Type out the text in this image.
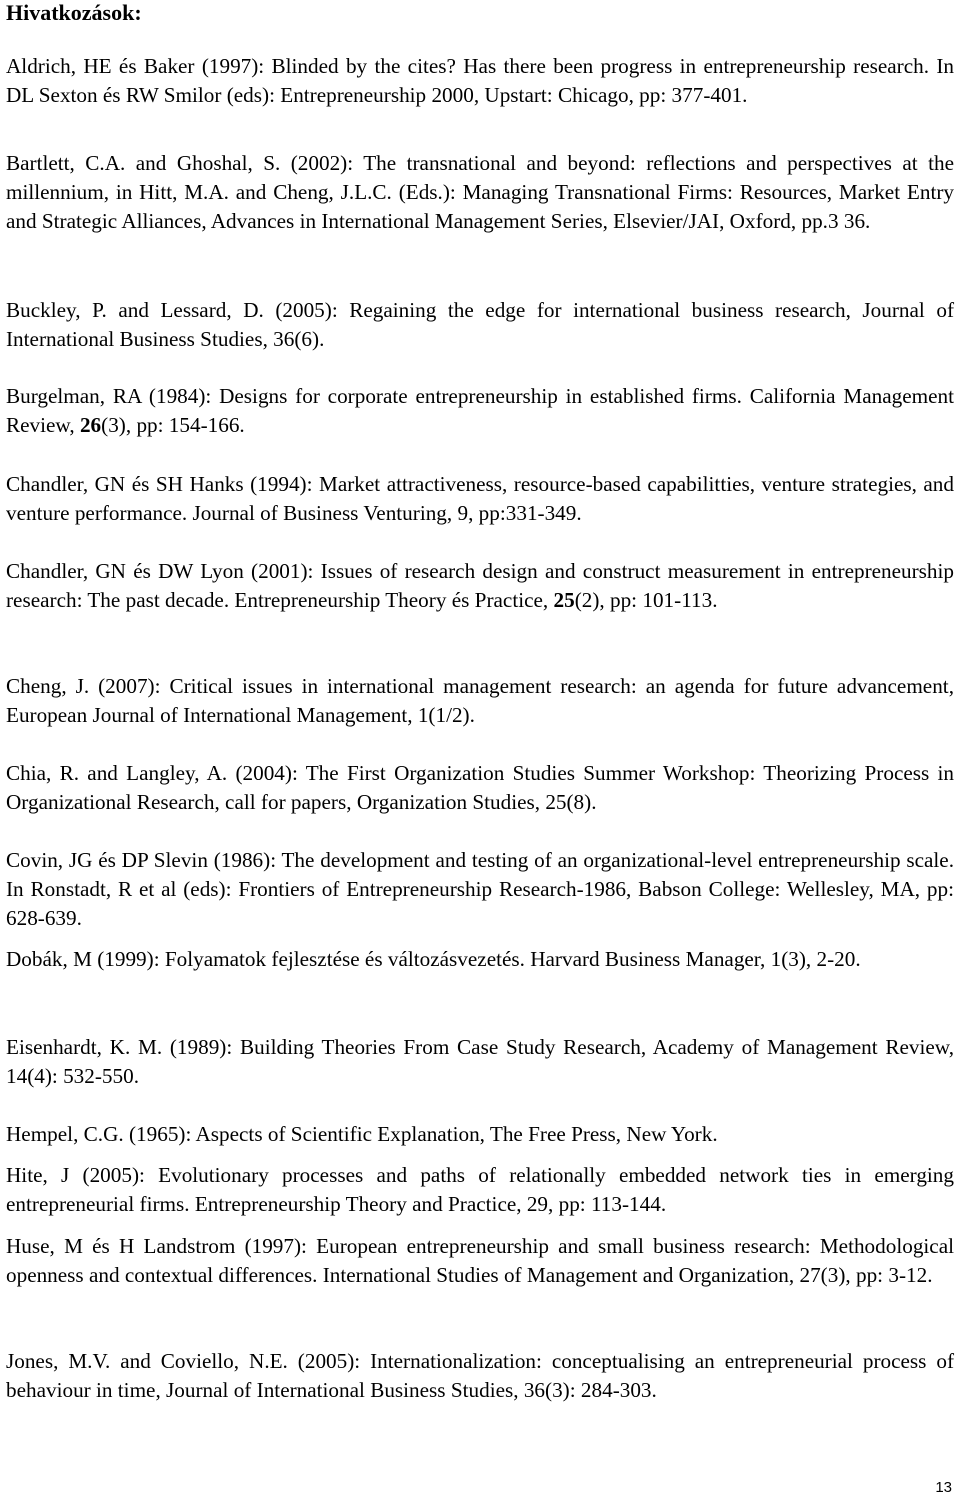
Hivatkozások:

Aldrich, HE és Baker (1997): Blinded by the cites? Has there been progress in entrepreneurship research. In DL Sexton és RW Smilor (eds): Entrepreneurship 2000, Upstart: Chicago, pp: 377-401.

Bartlett, C.A. and Ghoshal, S. (2002): The transnational and beyond: reflections and perspectives at the millennium, in Hitt, M.A. and Cheng, J.L.C. (Eds.): Managing Transnational Firms: Resources, Market Entry and Strategic Alliances, Advances in International Management Series, Elsevier/JAI, Oxford, pp.3 36.

Buckley, P. and Lessard, D. (2005): Regaining the edge for international business research, Journal of International Business Studies, 36(6).

Burgelman, RA (1984): Designs for corporate entrepreneurship in established firms. California Management Review, 26(3), pp: 154-166.

Chandler, GN és SH Hanks (1994): Market attractiveness, resource-based capabilitties, venture strategies, and venture performance. Journal of Business Venturing, 9, pp:331-349.

Chandler, GN és DW Lyon (2001): Issues of research design and construct measurement in entrepreneurship research: The past decade. Entrepreneurship Theory és Practice, 25(2), pp: 101-113.

Cheng, J. (2007): Critical issues in international management research: an agenda for future advancement, European Journal of International Management, 1(1/2).

Chia, R. and Langley, A. (2004): The First Organization Studies Summer Workshop: Theorizing Process in Organizational Research, call for papers, Organization Studies, 25(8).

Covin, JG és DP Slevin (1986): The development and testing of an organizational-level entrepreneurship scale. In Ronstadt, R et al (eds): Frontiers of Entrepreneurship Research-1986, Babson College: Wellesley, MA, pp: 628-639.

Dobák, M (1999): Folyamatok fejlesztése és változásvezetés. Harvard Business Manager, 1(3), 2-20.

Eisenhardt, K. M. (1989): Building Theories From Case Study Research, Academy of Management Review, 14(4): 532-550.

Hempel, C.G. (1965): Aspects of Scientific Explanation, The Free Press, New York.

Hite, J (2005): Evolutionary processes and paths of relationally embedded network ties in emerging entrepreneurial firms. Entrepreneurship Theory and Practice, 29, pp: 113-144.

Huse, M és H Landstrom (1997): European entrepreneurship and small business research: Methodological openness and contextual differences. International Studies of Management and Organization, 27(3), pp: 3-12.

Jones, M.V. and Coviello, N.E. (2005): Internationalization: conceptualising an entrepreneurial process of behaviour in time, Journal of International Business Studies, 36(3): 284-303.

13
